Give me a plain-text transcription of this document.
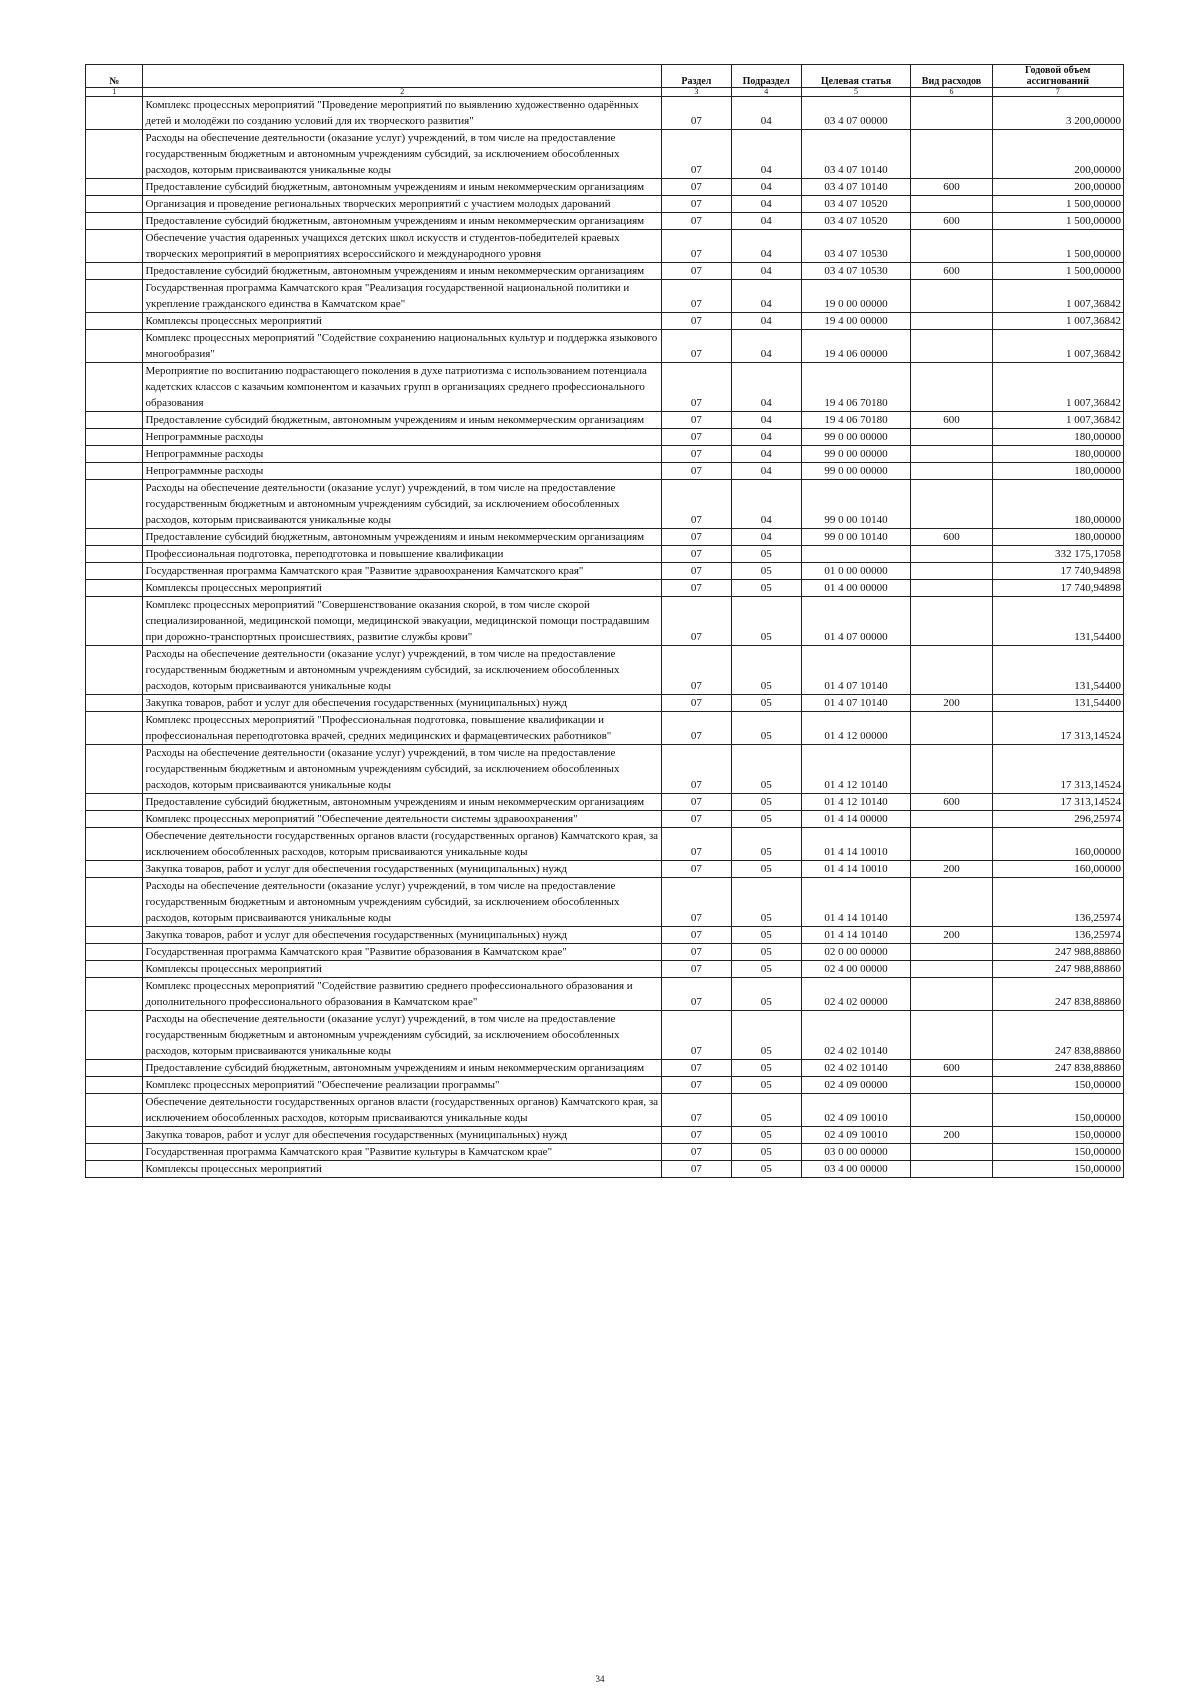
№		Раздел	Подраздел	Целевая статья	Вид расходов	Годовой объем ассигнований
1	2	3	4	5	6	7
	Комплекс процессных мероприятий "Проведение мероприятий по выявлению художественно одарённых детей и молодёжи по созданию условий для их творческого развития"	07	04	03 4 07 00000		3 200,00000
	Расходы на обеспечение деятельности (оказание услуг) учреждений, в том числе на предоставление государственным бюджетным и автономным учреждениям субсидий, за исключением обособленных расходов, которым присваиваются уникальные коды	07	04	03 4 07 10140		200,00000
	Предоставление субсидий бюджетным, автономным учреждениям и иным некоммерческим организациям	07	04	03 4 07 10140	600	200,00000
	Организация и проведение региональных творческих мероприятий с участием молодых дарований	07	04	03 4 07 10520		1 500,00000
	Предоставление субсидий бюджетным, автономным учреждениям и иным некоммерческим организациям	07	04	03 4 07 10520	600	1 500,00000
	Обеспечение участия одаренных учащихся детских школ искусств и студентов-победителей краевых творческих мероприятий в мероприятиях всероссийского и международного уровня	07	04	03 4 07 10530		1 500,00000
	Предоставление субсидий бюджетным, автономным учреждениям и иным некоммерческим организациям	07	04	03 4 07 10530	600	1 500,00000
	Государственная программа Камчатского края "Реализация государственной национальной политики и укрепление гражданского единства в Камчатском крае"	07	04	19 0 00 00000		1 007,36842
	Комплексы процессных мероприятий	07	04	19 4 00 00000		1 007,36842
	Комплекс процессных мероприятий "Содействие сохранению национальных культур и поддержка языкового многообразия"	07	04	19 4 06 00000		1 007,36842
	Мероприятие по воспитанию подрастающего поколения в духе патриотизма с использованием потенциала кадетских классов с казачьим компонентом и казачьих групп в организациях среднего профессионального образования	07	04	19 4 06 70180		1 007,36842
	Предоставление субсидий бюджетным, автономным учреждениям и иным некоммерческим организациям	07	04	19 4 06 70180	600	1 007,36842
	Непрограммные расходы	07	04	99 0 00 00000		180,00000
	Непрограммные расходы	07	04	99 0 00 00000		180,00000
	Непрограммные расходы	07	04	99 0 00 00000		180,00000
	Расходы на обеспечение деятельности (оказание услуг) учреждений, в том числе на предоставление государственным бюджетным и автономным учреждениям субсидий, за исключением обособленных расходов, которым присваиваются уникальные коды	07	04	99 0 00 10140		180,00000
	Предоставление субсидий бюджетным, автономным учреждениям и иным некоммерческим организациям	07	04	99 0 00 10140	600	180,00000
	Профессиональная подготовка, переподготовка и повышение квалификации	07	05			332 175,17058
	Государственная программа Камчатского края "Развитие здравоохранения Камчатского края"	07	05	01 0 00 00000		17 740,94898
	Комплексы процессных мероприятий	07	05	01 4 00 00000		17 740,94898
	Комплекс процессных мероприятий "Совершенствование оказания скорой, в том числе скорой специализированной, медицинской помощи, медицинской эвакуации, медицинской помощи пострадавшим при дорожно-транспортных происшествиях, развитие службы крови"	07	05	01 4 07 00000		131,54400
	Расходы на обеспечение деятельности (оказание услуг) учреждений, в том числе на предоставление государственным бюджетным и автономным учреждениям субсидий, за исключением обособленных расходов, которым присваиваются уникальные коды	07	05	01 4 07 10140		131,54400
	Закупка товаров, работ и услуг для обеспечения государственных (муниципальных) нужд	07	05	01 4 07 10140	200	131,54400
	Комплекс процессных мероприятий "Профессиональная подготовка, повышение квалификации и профессиональная переподготовка врачей, средних медицинских и фармацевтических работников"	07	05	01 4 12 00000		17 313,14524
	Расходы на обеспечение деятельности (оказание услуг) учреждений, в том числе на предоставление государственным бюджетным и автономным учреждениям субсидий, за исключением обособленных расходов, которым присваиваются уникальные коды	07	05	01 4 12 10140		17 313,14524
	Предоставление субсидий бюджетным, автономным учреждениям и иным некоммерческим организациям	07	05	01 4 12 10140	600	17 313,14524
	Комплекс процессных мероприятий "Обеспечение деятельности системы здравоохранения"	07	05	01 4 14 00000		296,25974
	Обеспечение деятельности государственных органов власти (государственных органов) Камчатского края, за исключением обособленных расходов, которым присваиваются уникальные коды	07	05	01 4 14 10010		160,00000
	Закупка товаров, работ и услуг для обеспечения государственных (муниципальных) нужд	07	05	01 4 14 10010	200	160,00000
	Расходы на обеспечение деятельности (оказание услуг) учреждений, в том числе на предоставление государственным бюджетным и автономным учреждениям субсидий, за исключением обособленных расходов, которым присваиваются уникальные коды	07	05	01 4 14 10140		136,25974
	Закупка товаров, работ и услуг для обеспечения государственных (муниципальных) нужд	07	05	01 4 14 10140	200	136,25974
	Государственная программа Камчатского края "Развитие образования в Камчатском крае"	07	05	02 0 00 00000		247 988,88860
	Комплексы процессных мероприятий	07	05	02 4 00 00000		247 988,88860
	Комплекс процессных мероприятий "Содействие развитию среднего профессионального образования и дополнительного профессионального образования в Камчатском крае"	07	05	02 4 02 00000		247 838,88860
	Расходы на обеспечение деятельности (оказание услуг) учреждений, в том числе на предоставление государственным бюджетным и автономным учреждениям субсидий, за исключением обособленных расходов, которым присваиваются уникальные коды	07	05	02 4 02 10140		247 838,88860
	Предоставление субсидий бюджетным, автономным учреждениям и иным некоммерческим организациям	07	05	02 4 02 10140	600	247 838,88860
	Комплекс процессных мероприятий "Обеспечение реализации программы"	07	05	02 4 09 00000		150,00000
	Обеспечение деятельности государственных органов власти (государственных органов) Камчатского края, за исключением обособленных расходов, которым присваиваются уникальные коды	07	05	02 4 09 10010		150,00000
	Закупка товаров, работ и услуг для обеспечения государственных (муниципальных) нужд	07	05	02 4 09 10010	200	150,00000
	Государственная программа Камчатского края "Развитие культуры в Камчатском крае"	07	05	03 0 00 00000		150,00000
	Комплексы процессных мероприятий	07	05	03 4 00 00000		150,00000
34
